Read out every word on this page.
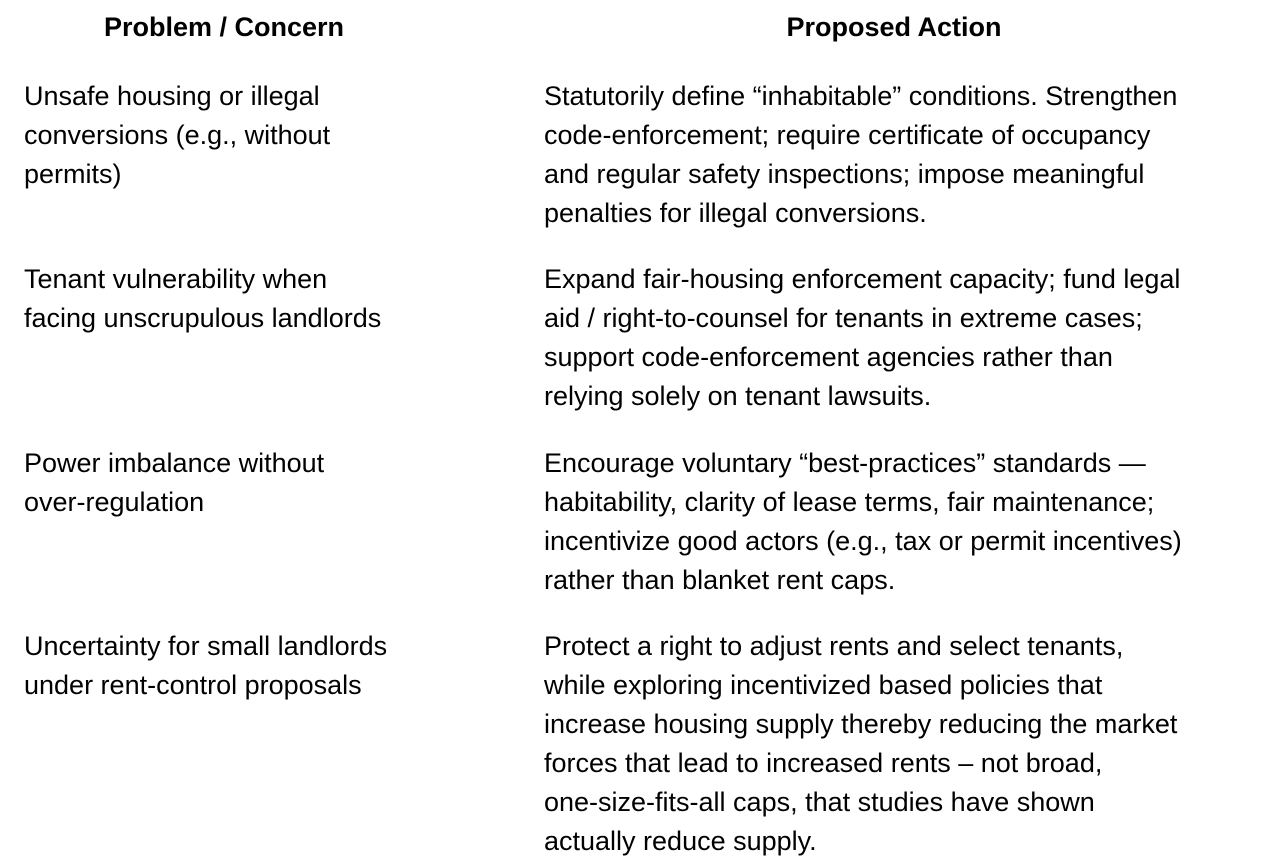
Problem / Concern	Proposed Action
Unsafe housing or illegal
conversions (e.g., without
permits)
Statutorily define “inhabitable” conditions. Strengthen
code-enforcement; require certificate of occupancy
and regular safety inspections; impose meaningful
penalties for illegal conversions.
Tenant vulnerability when
facing unscrupulous landlords
Expand fair-housing enforcement capacity; fund legal
aid / right-to-counsel for tenants in extreme cases;
support code-enforcement agencies rather than
relying solely on tenant lawsuits.
Power imbalance without
over-regulation
Encourage voluntary “best-practices” standards —
habitability, clarity of lease terms, fair maintenance;
incentivize good actors (e.g., tax or permit incentives)
rather than blanket rent caps.
Uncertainty for small landlords
under rent-control proposals
Protect a right to adjust rents and select tenants,
while exploring incentivized based policies that
increase housing supply thereby reducing the market
forces that lead to increased rents – not broad,
one-size-fits-all caps, that studies have shown
actually reduce supply.
